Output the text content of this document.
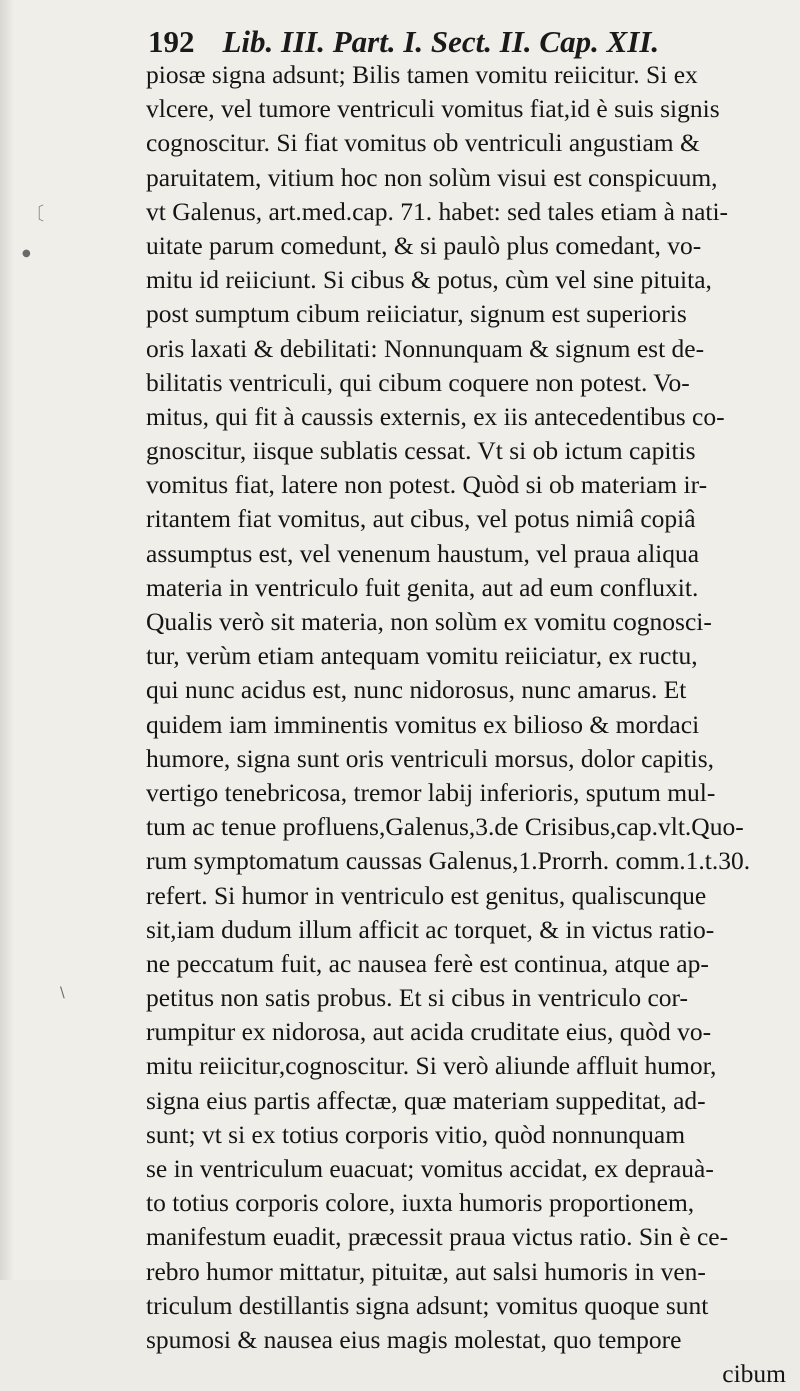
192 Lib. III. Part. I. Sect. II. Cap. XII.
piosæ signa adsunt; Bilis tamen vomitu reiicitur. Si ex
vlcere, vel tumore ventriculi vomitus fiat,id è suis signis
cognoscitur. Si fiat vomitus ob ventriculi angustiam &
paruitatem, vitium hoc non solùm visui est conspicuum,
vt Galenus, art.med.cap. 71. habet: sed tales etiam à nati-
uitate parum comedunt, & si paulò plus comedant, vo-
mitu id reiiciunt. Si cibus & potus, cùm vel sine pituita,
post sumptum cibum reiiciatur, signum est superioris
oris laxati & debilitati: Nonnunquam & signum est de-
bilitatis ventriculi, qui cibum coquere non potest. Vo-
mitus, qui fit à caussis externis, ex iis antecedentibus co-
gnoscitur, iisque sublatis cessat. Vt si ob ictum capitis
vomitus fiat, latere non potest. Quòd si ob materiam ir-
ritantem fiat vomitus, aut cibus, vel potus nimiâ copiâ
assumptus est, vel venenum haustum, vel praua aliqua
materia in ventriculo fuit genita, aut ad eum confluxit.
Qualis verò sit materia, non solùm ex vomitu cognosci-
tur, verùm etiam antequam vomitu reiiciatur, ex ructu,
qui nunc acidus est, nunc nidorosus, nunc amarus. Et
quidem iam imminentis vomitus ex bilioso & mordaci
humore, signa sunt oris ventriculi morsus, dolor capitis,
vertigo tenebricosa, tremor labij inferioris, sputum mul-
tum ac tenue profluens,Galenus,3.de Crisibus,cap.vlt.Quo-
rum symptomatum caussas Galenus,1.Prorrh. comm.1.t.30.
refert. Si humor in ventriculo est genitus, qualiscunque
sit,iam dudum illum afficit ac torquet, & in victus ratio-
ne peccatum fuit, ac nausea ferè est continua, atque ap-
petitus non satis probus. Et si cibus in ventriculo cor-
rumpitur ex nidorosa, aut acida cruditate eius, quòd vo-
mitu reiicitur,cognoscitur. Si verò aliunde affluit humor,
signa eius partis affectæ, quæ materiam suppeditat, ad-
sunt; vt si ex totius corporis vitio, quòd nonnunquam
se in ventriculum euacuat; vomitus accidat, ex deprauà-
to totius corporis colore, iuxta humoris proportionem,
manifestum euadit, præcessit praua victus ratio. Sin è ce-
rebro humor mittatur, pituitæ, aut salsi humoris in ven-
triculum destillantis signa adsunt; vomitus quoque sunt
spumosi & nausea eius magis molestat, quo tempore
cibum
〔
●
\
